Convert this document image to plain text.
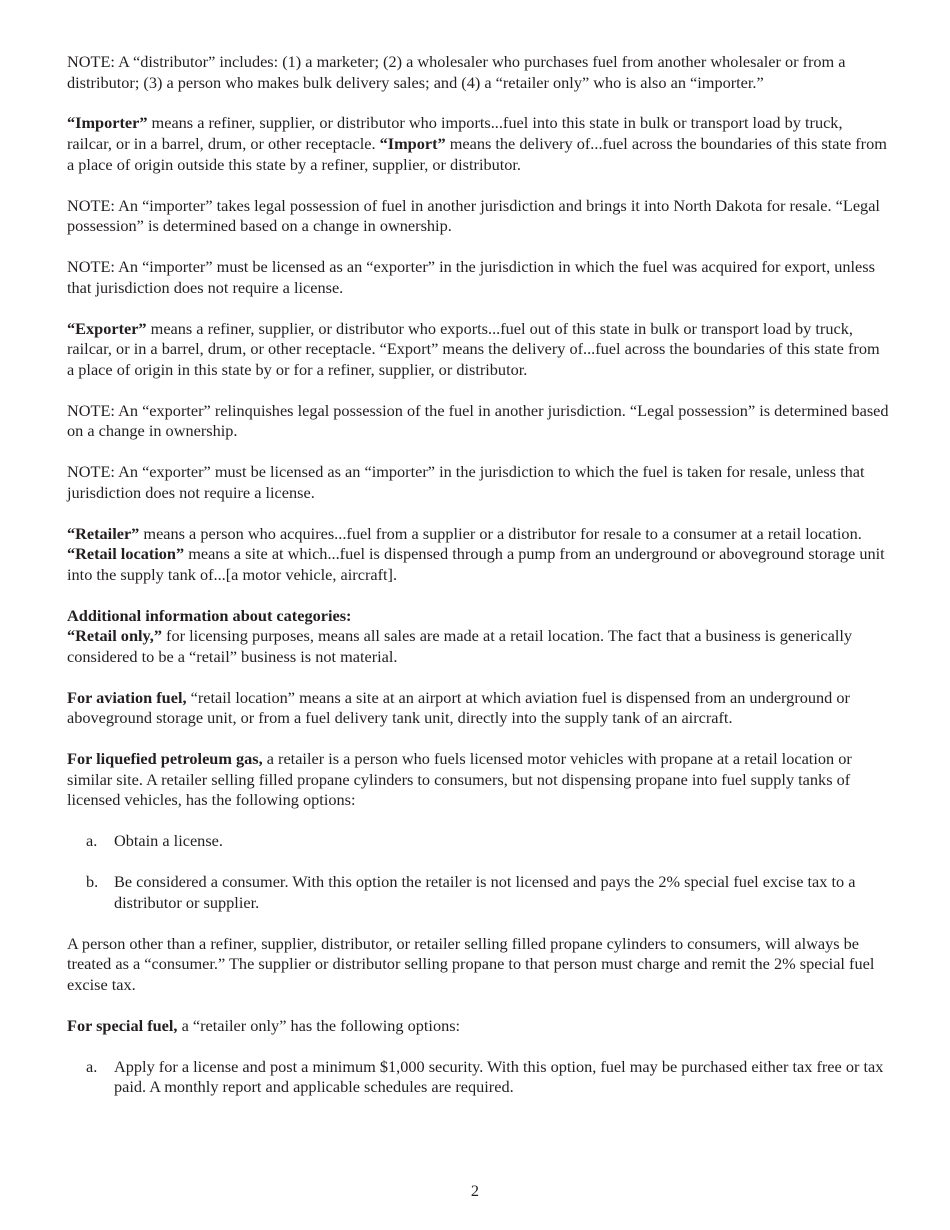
NOTE: A “distributor” includes: (1) a marketer; (2) a wholesaler who purchases fuel from another wholesaler or from a distributor; (3) a person who makes bulk delivery sales; and (4) a “retailer only” who is also an “importer.”

“Importer” means a refiner, supplier, or distributor who imports...fuel into this state in bulk or transport load by truck, railcar, or in a barrel, drum, or other receptacle. “Import” means the delivery of...fuel across the boundaries of this state from a place of origin outside this state by a refiner, supplier, or distributor.

NOTE: An “importer” takes legal possession of fuel in another jurisdiction and brings it into North Dakota for resale. “Legal possession” is determined based on a change in ownership.

NOTE: An “importer” must be licensed as an “exporter” in the jurisdiction in which the fuel was acquired for export, unless that jurisdiction does not require a license.

“Exporter” means a refiner, supplier, or distributor who exports...fuel out of this state in bulk or transport load by truck, railcar, or in a barrel, drum, or other receptacle. “Export” means the delivery of...fuel across the boundaries of this state from a place of origin in this state by or for a refiner, supplier, or distributor.

NOTE: An “exporter” relinquishes legal possession of the fuel in another jurisdiction. “Legal possession” is determined based on a change in ownership.

NOTE: An “exporter” must be licensed as an “importer” in the jurisdiction to which the fuel is taken for resale, unless that jurisdiction does not require a license.

“Retailer” means a person who acquires...fuel from a supplier or a distributor for resale to a consumer at a retail location. “Retail location” means a site at which...fuel is dispensed through a pump from an underground or aboveground storage unit into the supply tank of...[a motor vehicle, aircraft].

Additional information about categories:

“Retail only,” for licensing purposes, means all sales are made at a retail location. The fact that a business is generically considered to be a “retail” business is not material.

For aviation fuel, “retail location” means a site at an airport at which aviation fuel is dispensed from an underground or aboveground storage unit, or from a fuel delivery tank unit, directly into the supply tank of an aircraft.

For liquefied petroleum gas, a retailer is a person who fuels licensed motor vehicles with propane at a retail location or similar site. A retailer selling filled propane cylinders to consumers, but not dispensing propane into fuel supply tanks of licensed vehicles, has the following options:

a. Obtain a license.
b. Be considered a consumer. With this option the retailer is not licensed and pays the 2% special fuel excise tax to a distributor or supplier.

A person other than a refiner, supplier, distributor, or retailer selling filled propane cylinders to consumers, will always be treated as a “consumer.” The supplier or distributor selling propane to that person must charge and remit the 2% special fuel excise tax.

For special fuel, a “retailer only” has the following options:

a. Apply for a license and post a minimum $1,000 security. With this option, fuel may be purchased either tax free or tax paid. A monthly report and applicable schedules are required.
2
